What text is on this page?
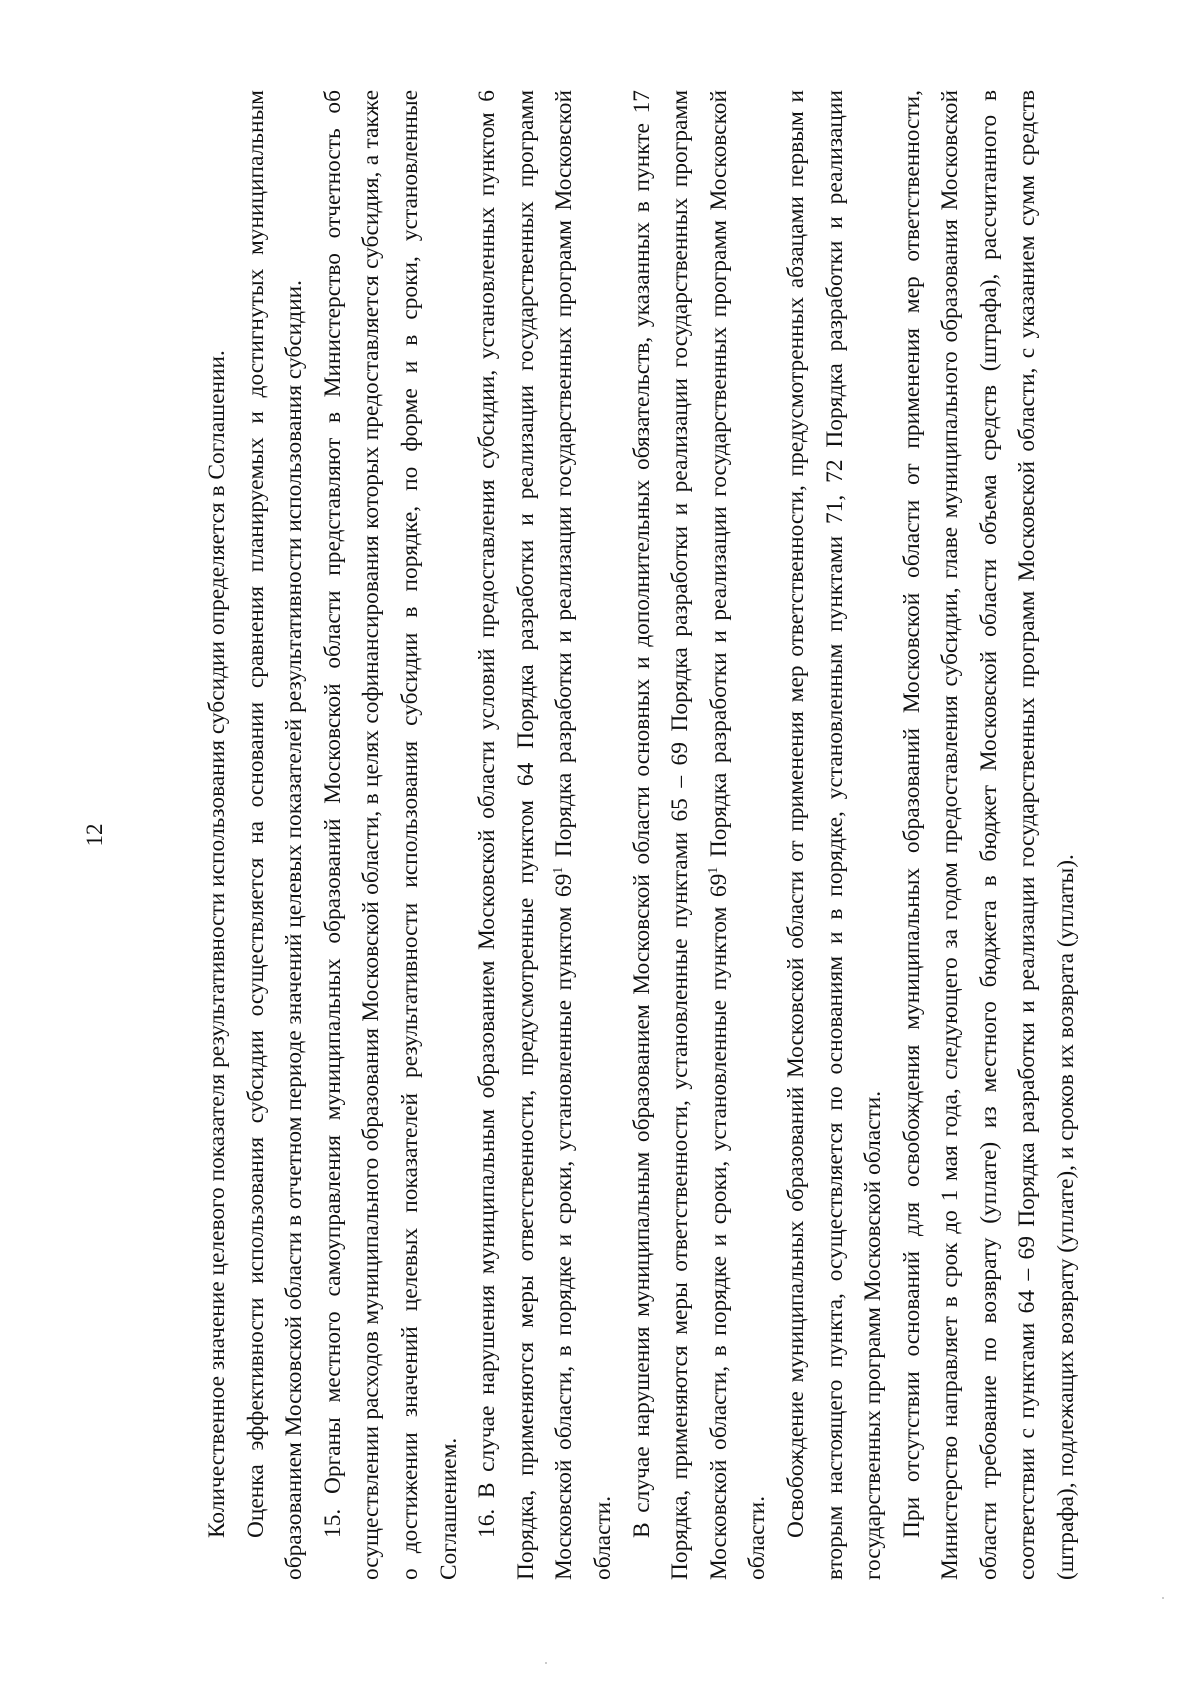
12	Количественное значение целевого показателя результативности использования субсидии определяется в Соглашении. Оценка эффективности использования субсидии осуществляется на основании сравнения планируемых и достигнутых муниципальным образованием Московской области в отчетном периоде значений целевых показателей результативности использования субсидии. 15. Органы местного самоуправления муниципальных образований Московской области представляют в Министерство отчетность об осуществлении расходов муниципального образования Московской области, в целях софинансирования которых предоставляется субсидия, а также о достижении значений целевых показателей результативности использования субсидии в порядке, по форме и в сроки, установленные Соглашением. 16. В случае нарушения муниципальным образованием Московской области условий предоставления субсидии, установленных пунктом 6 Порядка, применяются меры ответственности, предусмотренные пунктом 64 Порядка разработки и реализации государственных программ Московской области, в порядке и сроки, установленные пунктом $69^1$ Порядка разработки и реализации государственных программ Московской области. В случае нарушения муниципальным образованием Московской области основных и дополнительных обязательств, указанных в пункте 17 Порядка, применяются меры ответственности, установленные пунктами 65 – 69 Порядка разработки и реализации государственных программ Московской области, в порядке и сроки, установленные пунктом $69^1$ Порядка разработки и реализации государственных программ Московской области. Освобождение муниципальных образований Московской области от применения мер ответственности, предусмотренных абзацами первым и вторым настоящего пункта, осуществляется по основаниям и в порядке, установленным пунктами 71, 72 Порядка разработки и реализации государственных программ Московской области. При отсутствии оснований для освобождения муниципальных образований Московской области от применения мер ответственности, Министерство направляет в срок до 1 мая года, следующего за годом предоставления субсидии, главе муниципального образования Московской области требование по возврату (уплате) из местного бюджета в бюджет Московской области объема средств (штрафа), рассчитанного в соответствии с пунктами 64 – 69 Порядка разработки и реализации государственных программ Московской области, с указанием сумм средств (штрафа), подлежащих возврату (уплате), и сроков их возврата (уплаты).
